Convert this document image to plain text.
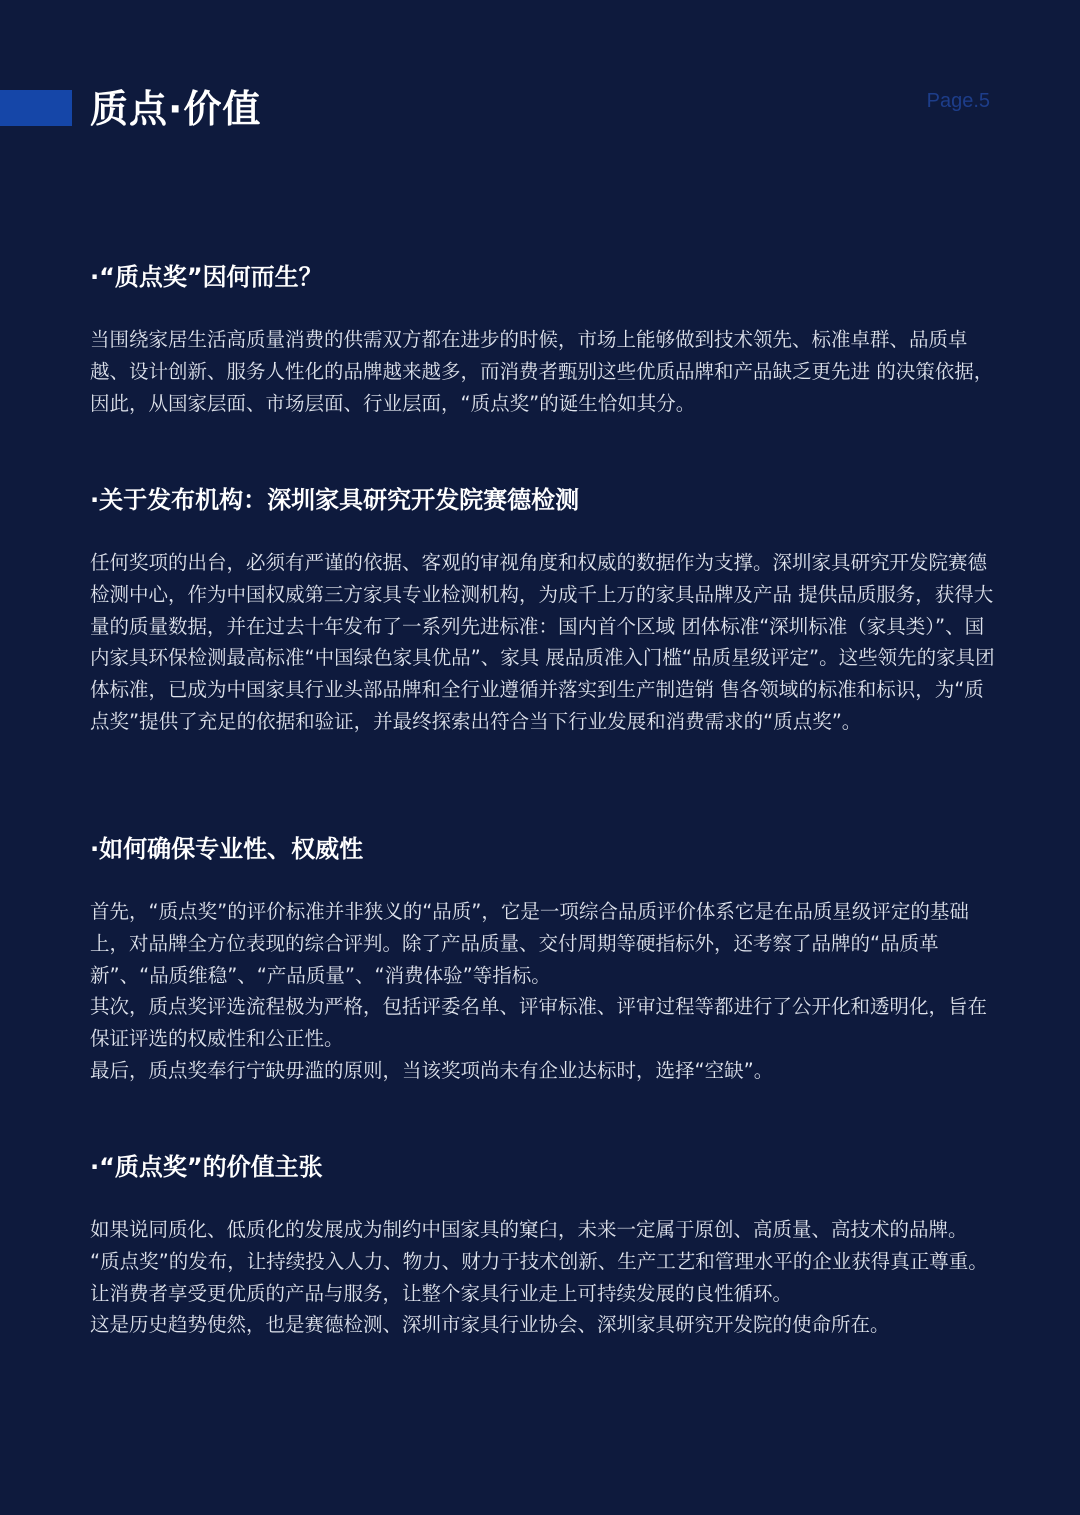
质点·价值	Page.5
·“质点奖”因何而生？

当围绕家居生活高质量消费的供需双方都在进步的时候，市场上能够做到技术领先、标准卓群、品质卓越、设计创新、服务人性化的品牌越来越多，而消费者甄别这些优质品牌和产品缺乏更先进 的决策依据，因此，从国家层面、市场层面、行业层面，“质点奖”的诞生恰如其分。

·关于发布机构：深圳家具研究开发院赛德检测

任何奖项的出台，必须有严谨的依据、客观的审视角度和权威的数据作为支撑。深圳家具研究开发院赛德检测中心，作为中国权威第三方家具专业检测机构，为成千上万的家具品牌及产品 提供品质服务，获得大量的质量数据，并在过去十年发布了一系列先进标准：国内首个区域 团体标准“深圳标准（家具类）”、国内家具环保检测最高标准“中国绿色家具优品”、家具 展品质准入门槛“品质星级评定”。这些领先的家具团体标准，已成为中国家具行业头部品牌和全行业遵循并落实到生产制造销 售各领域的标准和标识，为“质点奖”提供了充足的依据和验证，并最终探索出符合当下行业发展和消费需求的“质点奖”。

·如何确保专业性、权威性

首先，“质点奖”的评价标准并非狭义的“品质”，它是一项综合品质评价体系它是在品质星级评定的基础上，对品牌全方位表现的综合评判。除了产品质量、交付周期等硬指标外，还考察了品牌的“品质革新”、“品质维稳”、“产品质量”、“消费体验”等指标。

其次，质点奖评选流程极为严格，包括评委名单、评审标准、评审过程等都进行了公开化和透明化，旨在保证评选的权威性和公正性。

最后，质点奖奉行宁缺毋滥的原则，当该奖项尚未有企业达标时，选择“空缺”。

·“质点奖”的价值主张

如果说同质化、低质化的发展成为制约中国家具的窠臼，未来一定属于原创、高质量、高技术的品牌。

“质点奖”的发布，让持续投入人力、物力、财力于技术创新、生产工艺和管理水平的企业获得真正尊重。

让消费者享受更优质的产品与服务，让整个家具行业走上可持续发展的良性循环。

这是历史趋势使然，也是赛德检测、深圳市家具行业协会、深圳家具研究开发院的使命所在。
